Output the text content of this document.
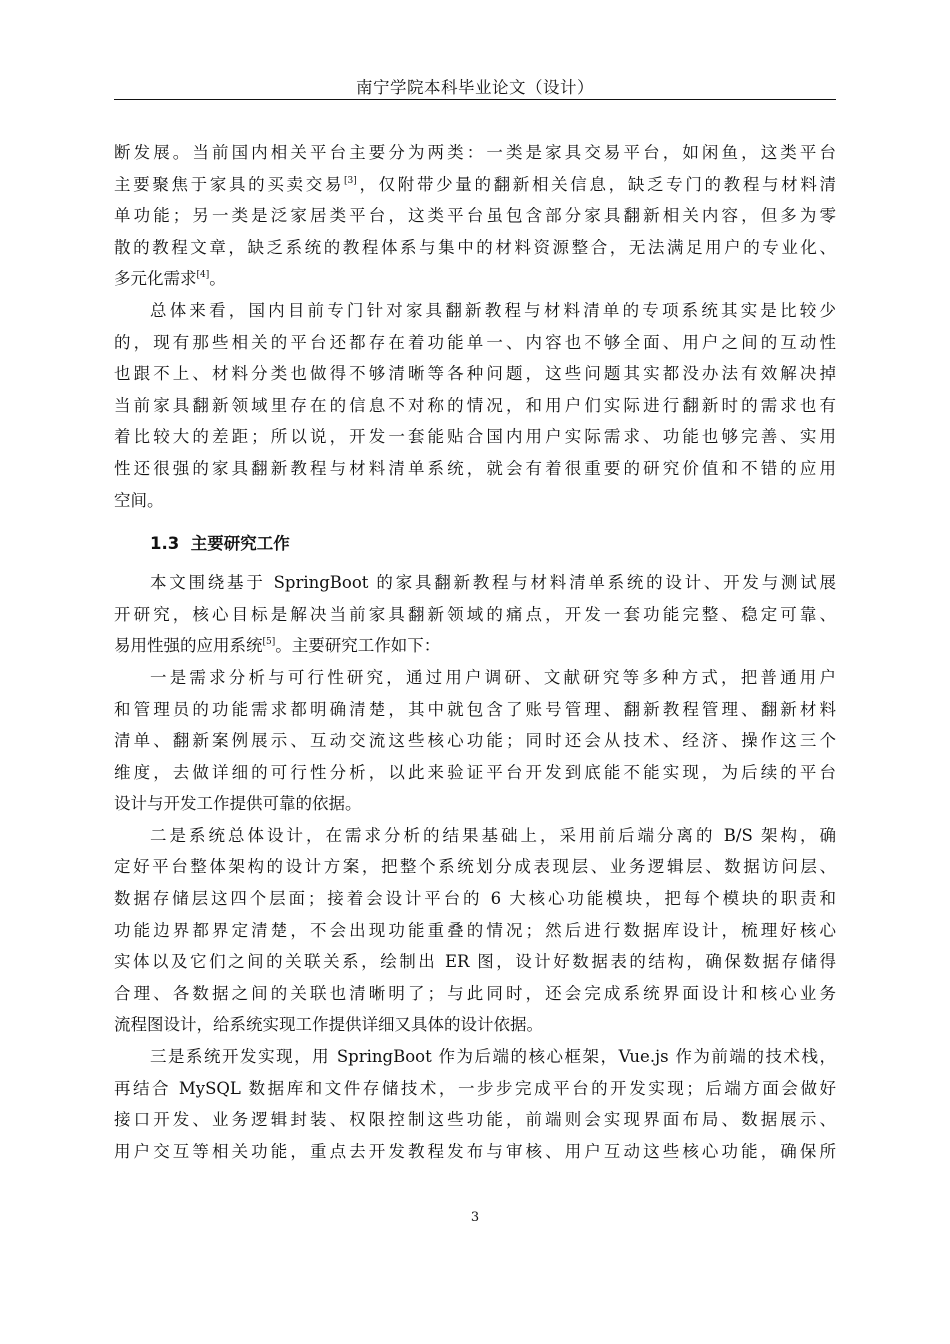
南宁学院本科毕业论文（设计）
断发展。当前国内相关平台主要分为两类：一类是家具交易平台，如闲鱼，这类平台
主要聚焦于家具的买卖交易[3]，仅附带少量的翻新相关信息，缺乏专门的教程与材料清
单功能；另一类是泛家居类平台，这类平台虽包含部分家具翻新相关内容，但多为零
散的教程文章，缺乏系统的教程体系与集中的材料资源整合，无法满足用户的专业化、
多元化需求[4]。
总体来看，国内目前专门针对家具翻新教程与材料清单的专项系统其实是比较少
的，现有那些相关的平台还都存在着功能单一、内容也不够全面、用户之间的互动性
也跟不上、材料分类也做得不够清晰等各种问题，这些问题其实都没办法有效解决掉
当前家具翻新领域里存在的信息不对称的情况，和用户们实际进行翻新时的需求也有
着比较大的差距；所以说，开发一套能贴合国内用户实际需求、功能也够完善、实用
性还很强的家具翻新教程与材料清单系统，就会有着很重要的研究价值和不错的应用
空间。
1.3 主要研究工作
本文围绕基于 SpringBoot 的家具翻新教程与材料清单系统的设计、开发与测试展
开研究，核心目标是解决当前家具翻新领域的痛点，开发一套功能完整、稳定可靠、
易用性强的应用系统[5]。主要研究工作如下：
一是需求分析与可行性研究，通过用户调研、文献研究等多种方式，把普通用户
和管理员的功能需求都明确清楚，其中就包含了账号管理、翻新教程管理、翻新材料
清单、翻新案例展示、互动交流这些核心功能；同时还会从技术、经济、操作这三个
维度，去做详细的可行性分析，以此来验证平台开发到底能不能实现，为后续的平台
设计与开发工作提供可靠的依据。
二是系统总体设计，在需求分析的结果基础上，采用前后端分离的 B/S 架构，确
定好平台整体架构的设计方案，把整个系统划分成表现层、业务逻辑层、数据访问层、
数据存储层这四个层面；接着会设计平台的 6 大核心功能模块，把每个模块的职责和
功能边界都界定清楚，不会出现功能重叠的情况；然后进行数据库设计，梳理好核心
实体以及它们之间的关联关系，绘制出 ER 图，设计好数据表的结构，确保数据存储得
合理、各数据之间的关联也清晰明了；与此同时，还会完成系统界面设计和核心业务
流程图设计，给系统实现工作提供详细又具体的设计依据。
三是系统开发实现，用 SpringBoot 作为后端的核心框架，Vue.js 作为前端的技术栈，
再结合 MySQL 数据库和文件存储技术，一步步完成平台的开发实现；后端方面会做好
接口开发、业务逻辑封装、权限控制这些功能，前端则会实现界面布局、数据展示、
用户交互等相关功能，重点去开发教程发布与审核、用户互动这些核心功能，确保所
3
